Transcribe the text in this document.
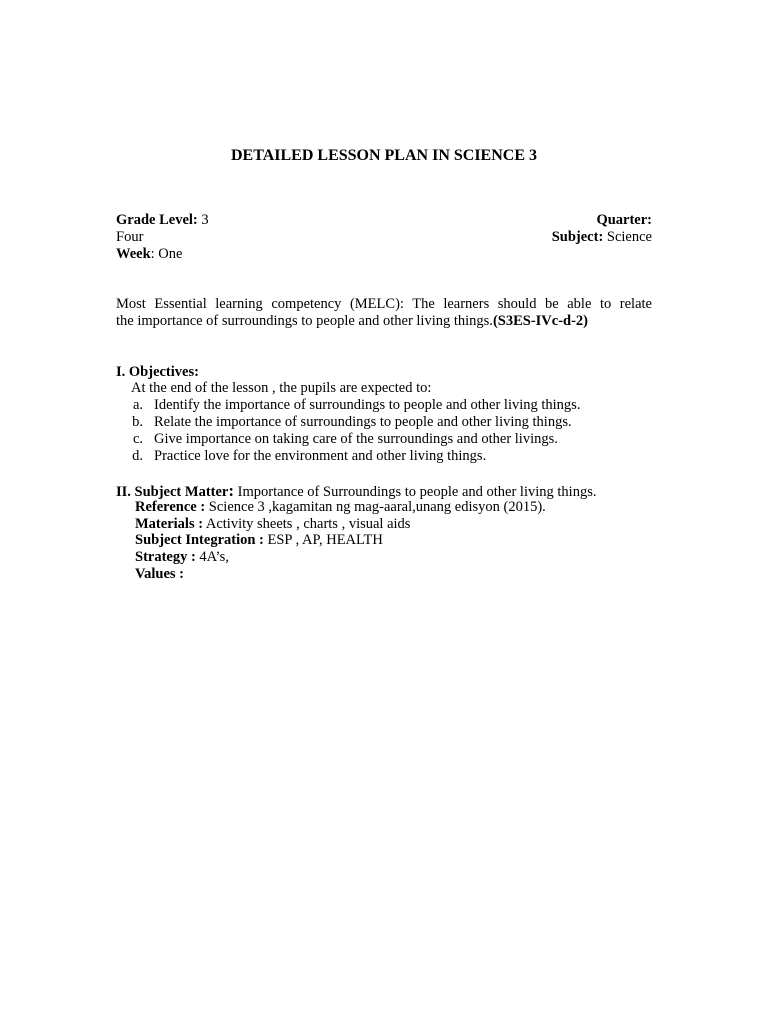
DETAILED LESSON PLAN IN SCIENCE 3
Grade Level: 3	Quarter:
Four	Subject: Science
Week: One
Most Essential learning competency (MELC): The learners should be able to relate
the importance of surroundings to people and other living things.(S3ES-IVc-d-2)
I. Objectives:
At the end of the lesson , the pupils are expected to:
a. Identify the importance of surroundings to people and other living things.
b. Relate the importance of surroundings to people and other living things.
c. Give importance on taking care of the surroundings and other livings.
d. Practice love for the environment and other living things.
II. Subject Matter: Importance of Surroundings to people and other living things.
Reference : Science 3 ,kagamitan ng mag-aaral,unang edisyon (2015).
Materials : Activity sheets , charts , visual aids
Subject Integration : ESP , AP, HEALTH
Strategy : 4A’s,
Values :
